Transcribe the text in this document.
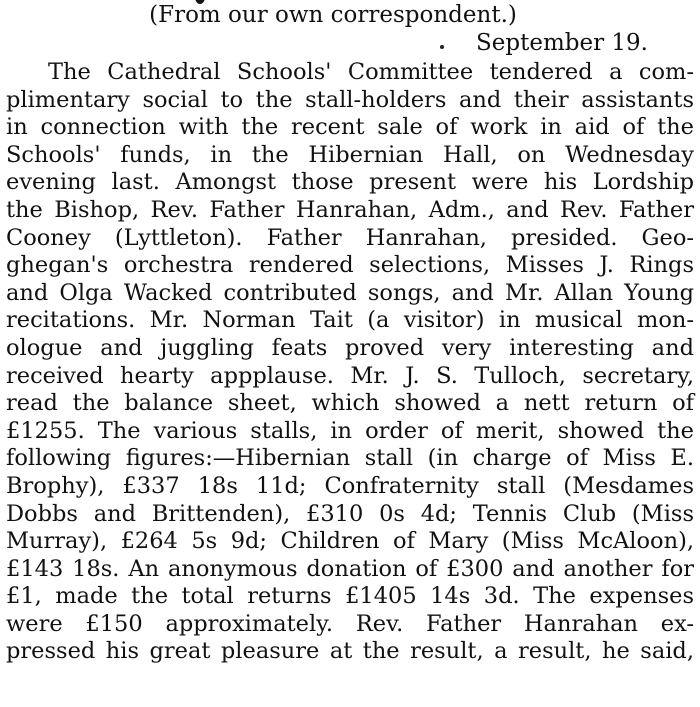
(From our own correspondent.)
September 19.
The Cathedral Schools' Committee tendered a com-
plimentary social to the stall-holders and their assistants
in connection with the recent sale of work in aid of the
Schools' funds, in the Hibernian Hall, on Wednesday
evening last. Amongst those present were his Lordship
the Bishop, Rev. Father Hanrahan, Adm., and Rev. Father
Cooney (Lyttleton). Father Hanrahan, presided. Geo-
ghegan's orchestra rendered selections, Misses J. Rings
and Olga Wacked contributed songs, and Mr. Allan Young
recitations. Mr. Norman Tait (a visitor) in musical mon-
ologue and juggling feats proved very interesting and
received hearty appplause. Mr. J. S. Tulloch, secretary,
read the balance sheet, which showed a nett return of
£1255. The various stalls, in order of merit, showed the
following figures:—Hibernian stall (in charge of Miss E.
Brophy), £337 18s 11d; Confraternity stall (Mesdames
Dobbs and Brittenden), £310 0s 4d; Tennis Club (Miss
Murray), £264 5s 9d; Children of Mary (Miss McAloon),
£143 18s. An anonymous donation of £300 and another for
£1, made the total returns £1405 14s 3d. The expenses
were £150 approximately. Rev. Father Hanrahan ex-
pressed his great pleasure at the result, a result, he said,
